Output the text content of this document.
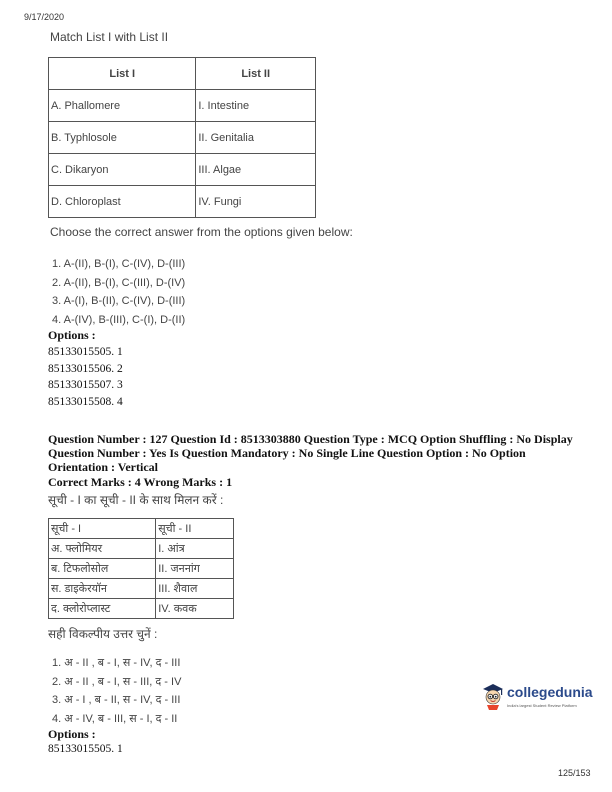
9/17/2020
Match List I with List II
List I	List II
A. Phallomere	I. Intestine
B. Typhlosole	II. Genitalia
C. Dikaryon	III. Algae
D. Chloroplast	IV. Fungi
Choose the correct answer from the options given below:
1. A-(II), B-(I), C-(IV), D-(III)
2. A-(II), B-(I), C-(III), D-(IV)
3. A-(I), B-(II), C-(IV), D-(III)
4. A-(IV), B-(III), C-(I), D-(II)
Options :
85133015505. 1
85133015506. 2
85133015507. 3
85133015508. 4
Question Number : 127 Question Id : 8513303880 Question Type : MCQ Option Shuffling : No Display Question Number : Yes Is Question Mandatory : No Single Line Question Option : No Option Orientation : Vertical
Correct Marks : 4 Wrong Marks : 1
सूची - I का सूची - II के साथ मिलन करें :
सूची - I	सूची - II
अ. फ्लोमियर	I. आंत्र
ब. टिफलोसोल	II. जननांग
स. डाइकेरयॉन	III. शैवाल
द. क्लोरोप्लास्ट	IV. कवक
सही विकल्पीय उत्तर चुनें :
1. अ - II , ब - I, स - IV, द - III
2. अ - II , ब - I, स - III, द - IV
3. अ - I , ब - II, स - IV, द - III
4. अ - IV, ब - III, स - I, द - II
Options :
85133015505. 1
collegedunia
India's largest Student Review Platform
125/153
